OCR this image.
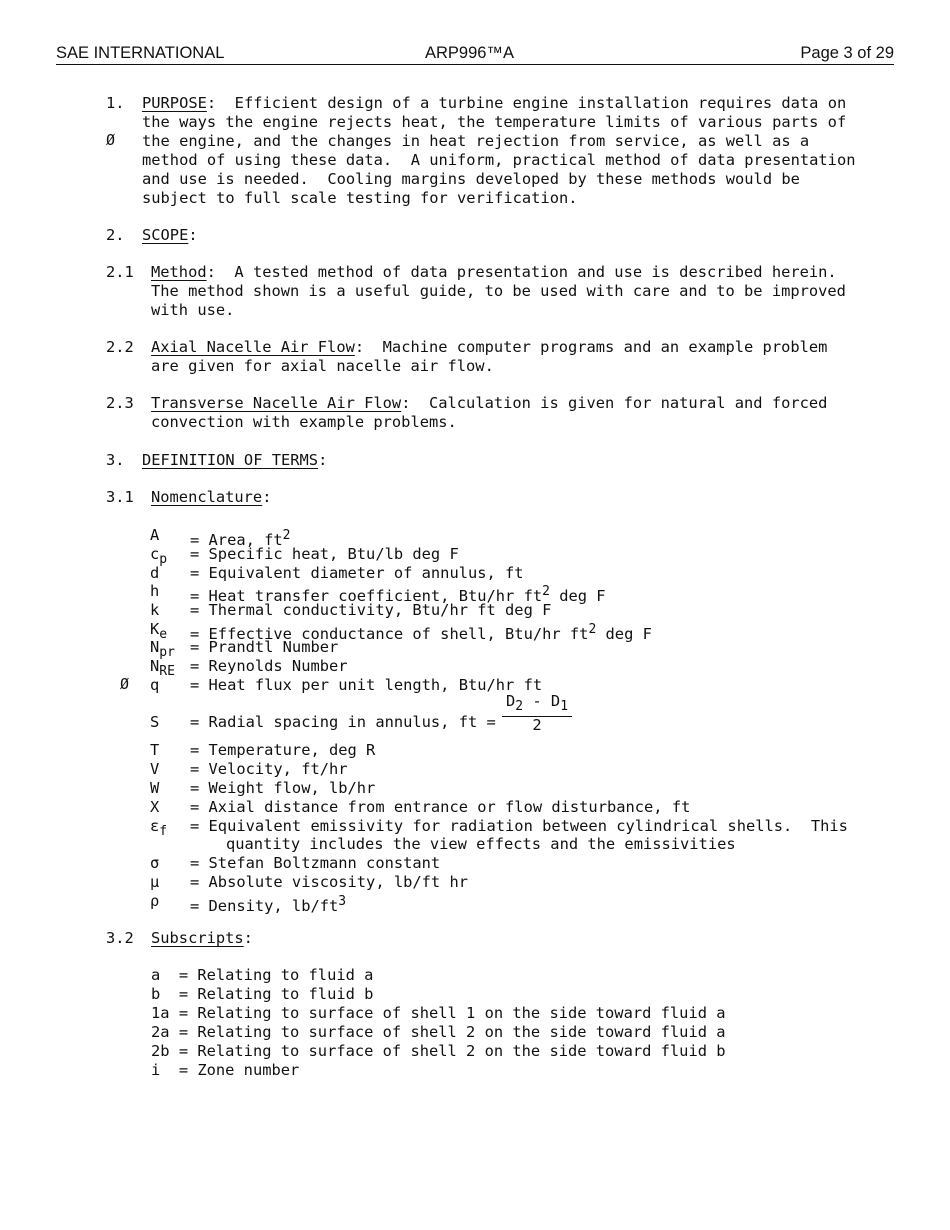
SAE INTERNATIONAL	ARP996™A	Page 3 of 29
1.
Ø
PURPOSE:  Efficient design of a turbine engine installation requires data on
the ways the engine rejects heat, the temperature limits of various parts of
the engine, and the changes in heat rejection from service, as well as a
method of using these data.  A uniform, practical method of data presentation
and use is needed.  Cooling margins developed by these methods would be
subject to full scale testing for verification.
2. SCOPE:
2.1 Method:  A tested method of data presentation and use is described herein.
The method shown is a useful guide, to be used with care and to be improved
with use.
2.2 Axial Nacelle Air Flow:  Machine computer programs and an example problem
are given for axial nacelle air flow.
2.3 Transverse Nacelle Air Flow:  Calculation is given for natural and forced
convection with example problems.
3. DEFINITION OF TERMS:
3.1 Nomenclature:
A = Area, $ft^2$
$c_p$ = Specific heat, Btu/lb deg F
d = Equivalent diameter of annulus, ft
h = Heat transfer coefficient, Btu/hr $ft^2$ deg F
k = Thermal conductivity, Btu/hr ft deg F
$K_e$ = Effective conductance of shell, Btu/hr $ft^2$ deg F
$N_{pr}$ = Prandtl Number
$N_{RE}$ = Reynolds Number
Ø q = Heat flux per unit length, Btu/hr ft
S = Radial spacing in annulus, ft =
$D_2 - D_1$
2
T = Temperature, deg R
V = Velocity, ft/hr
W = Weight flow, lb/hr
X = Axial distance from entrance or flow disturbance, ft
$\varepsilon_f$ = Equivalent emissivity for radiation between cylindrical shells.  This
quantity includes the view effects and the emissivities
σ = Stefan Boltzmann constant
μ = Absolute viscosity, lb/ft hr
ρ = Density, $lb/ft^3$
3.2 Subscripts:
a  = Relating to fluid a
b  = Relating to fluid b
1a = Relating to surface of shell 1 on the side toward fluid a
2a = Relating to surface of shell 2 on the side toward fluid a
2b = Relating to surface of shell 2 on the side toward fluid b
i  = Zone number
